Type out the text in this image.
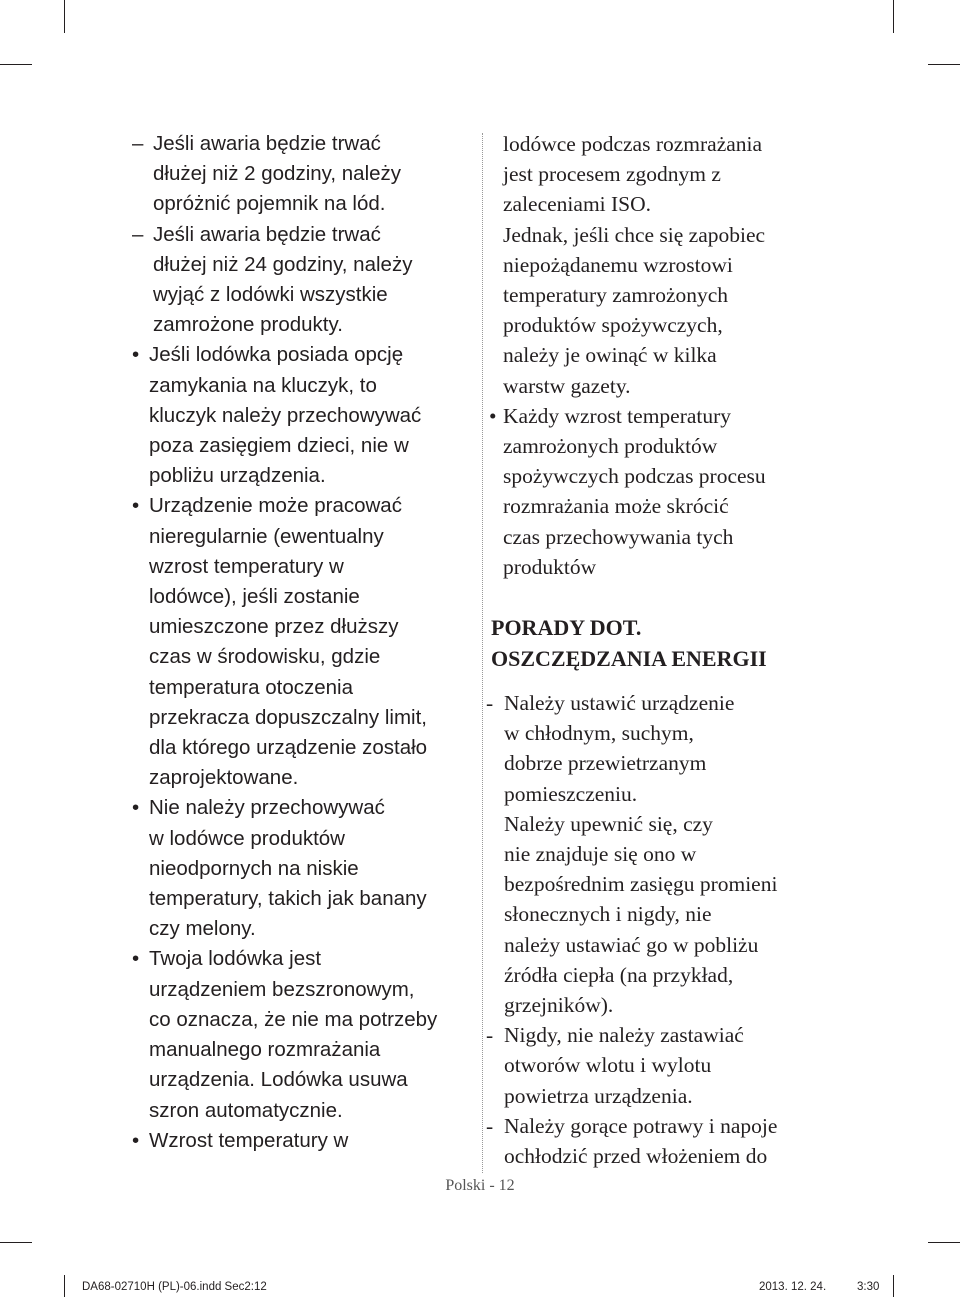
– Jeśli awaria będzie trwać
dłużej niż 2 godziny, należy
opróżnić pojemnik na lód.
– Jeśli awaria będzie trwać
dłużej niż 24 godziny, należy
wyjąć z lodówki wszystkie
zamrożone produkty.
• Jeśli lodówka posiada opcję
zamykania na kluczyk, to
kluczyk należy przechowywać
poza zasięgiem dzieci, nie w
pobliżu urządzenia.
• Urządzenie może pracować
nieregularnie (ewentualny
wzrost temperatury w
lodówce), jeśli zostanie
umieszczone przez dłuższy
czas w środowisku, gdzie
temperatura otoczenia
przekracza dopuszczalny limit,
dla którego urządzenie zostało
zaprojektowane.
• Nie należy przechowywać
w lodówce produktów
nieodpornych na niskie
temperatury, takich jak banany
czy melony.
• Twoja lodówka jest
urządzeniem bezszronowym,
co oznacza, że nie ma potrzeby
manualnego rozmrażania
urządzenia. Lodówka usuwa
szron automatycznie.
• Wzrost temperatury w
lodówce podczas rozmrażania
jest procesem zgodnym z
zaleceniami ISO.
Jednak, jeśli chce się zapobiec
niepożądanemu wzrostowi
temperatury zamrożonych
produktów spożywczych,
należy je owinąć w kilka
warstw gazety.
• Każdy wzrost temperatury
zamrożonych produktów
spożywczych podczas procesu
rozmrażania może skrócić
czas przechowywania tych
produktów
PORADY DOT.
OSZCZĘDZANIA ENERGII
- Należy ustawić urządzenie
w chłodnym, suchym,
dobrze przewietrzanym
pomieszczeniu.
Należy upewnić się, czy
nie znajduje się ono w
bezpośrednim zasięgu promieni
słonecznych i nigdy, nie
należy ustawiać go w pobliżu
źródła ciepła (na przykład,
grzejników).
- Nigdy, nie należy zastawiać
otworów wlotu i wylotu
powietrza urządzenia.
- Należy gorące potrawy i napoje
ochłodzić przed włożeniem do
Polski - 12
DA68-02710H (PL)-06.indd Sec2:12	2013. 12. 24.	3:30
